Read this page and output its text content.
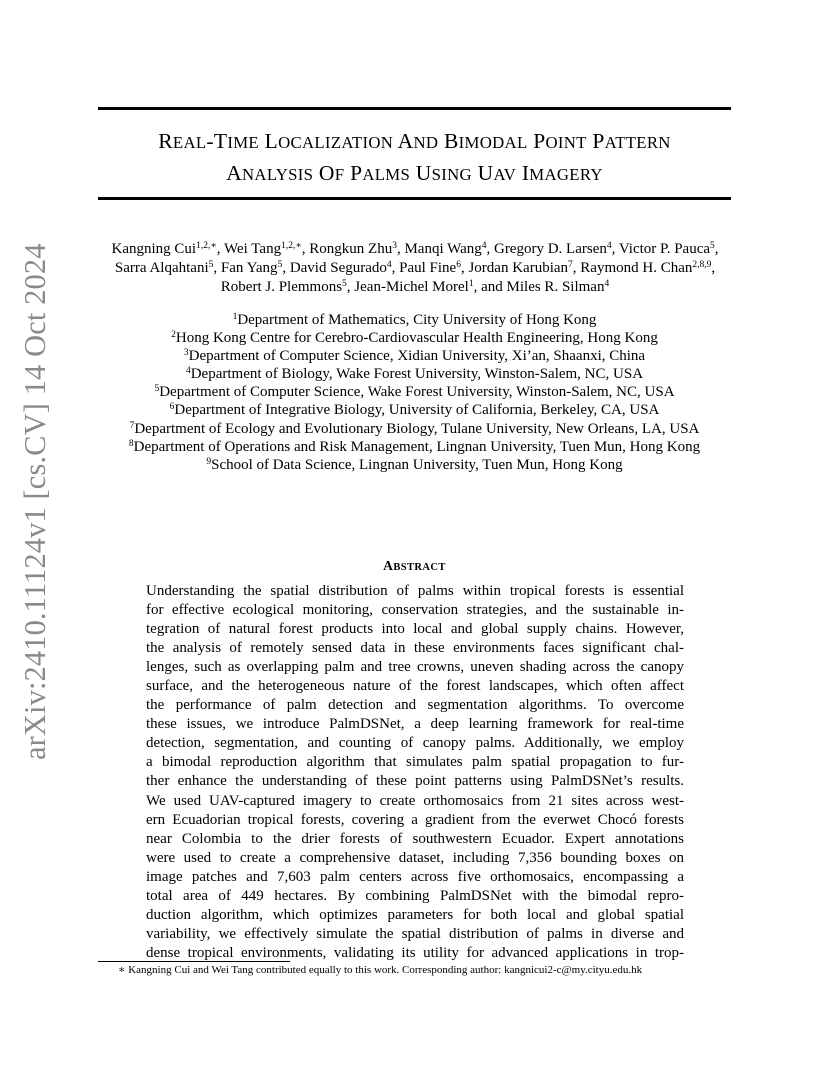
arXiv:2410.11124v1 [cs.CV] 14 Oct 2024
REAL-TIME LOCALIZATION AND BIMODAL POINT PATTERN
ANALYSIS OF PALMS USING UAV IMAGERY
Kangning Cui$^{1,2,∗}$, Wei Tang$^{1,2,∗}$, Rongkun Zhu$^3$, Manqi Wang$^4$, Gregory D. Larsen$^4$, Victor P. Pauca$^5$, Sarra Alqahtani$^5$, Fan Yang$^5$, David Segurado$^4$, Paul Fine$^6$, Jordan Karubian$^7$, Raymond H. Chan$^{2,8,9}$, Robert J. Plemmons$^5$, Jean-Michel Morel$^1$, and Miles R. Silman$^4$
$^1$Department of Mathematics, City University of Hong Kong
$^2$Hong Kong Centre for Cerebro-Cardiovascular Health Engineering, Hong Kong
$^3$Department of Computer Science, Xidian University, Xi’an, Shaanxi, China
$^4$Department of Biology, Wake Forest University, Winston-Salem, NC, USA
$^5$Department of Computer Science, Wake Forest University, Winston-Salem, NC, USA
$^6$Department of Integrative Biology, University of California, Berkeley, CA, USA
$^7$Department of Ecology and Evolutionary Biology, Tulane University, New Orleans, LA, USA
$^8$Department of Operations and Risk Management, Lingnan University, Tuen Mun, Hong Kong
$^9$School of Data Science, Lingnan University, Tuen Mun, Hong Kong
ABSTRACT
Understanding the spatial distribution of palms within tropical forests is essential
for effective ecological monitoring, conservation strategies, and the sustainable in-
tegration of natural forest products into local and global supply chains. However,
the analysis of remotely sensed data in these environments faces significant chal-
lenges, such as overlapping palm and tree crowns, uneven shading across the canopy
surface, and the heterogeneous nature of the forest landscapes, which often affect
the performance of palm detection and segmentation algorithms. To overcome
these issues, we introduce PalmDSNet, a deep learning framework for real-time
detection, segmentation, and counting of canopy palms. Additionally, we employ
a bimodal reproduction algorithm that simulates palm spatial propagation to fur-
ther enhance the understanding of these point patterns using PalmDSNet’s results.
We used UAV-captured imagery to create orthomosaics from 21 sites across west-
ern Ecuadorian tropical forests, covering a gradient from the everwet Chocó forests
near Colombia to the drier forests of southwestern Ecuador. Expert annotations
were used to create a comprehensive dataset, including 7,356 bounding boxes on
image patches and 7,603 palm centers across five orthomosaics, encompassing a
total area of 449 hectares. By combining PalmDSNet with the bimodal repro-
duction algorithm, which optimizes parameters for both local and global spatial
variability, we effectively simulate the spatial distribution of palms in diverse and
dense tropical environments, validating its utility for advanced applications in trop-
∗ Kangning Cui and Wei Tang contributed equally to this work. Corresponding author: kangnicui2-c@my.cityu.edu.hk
